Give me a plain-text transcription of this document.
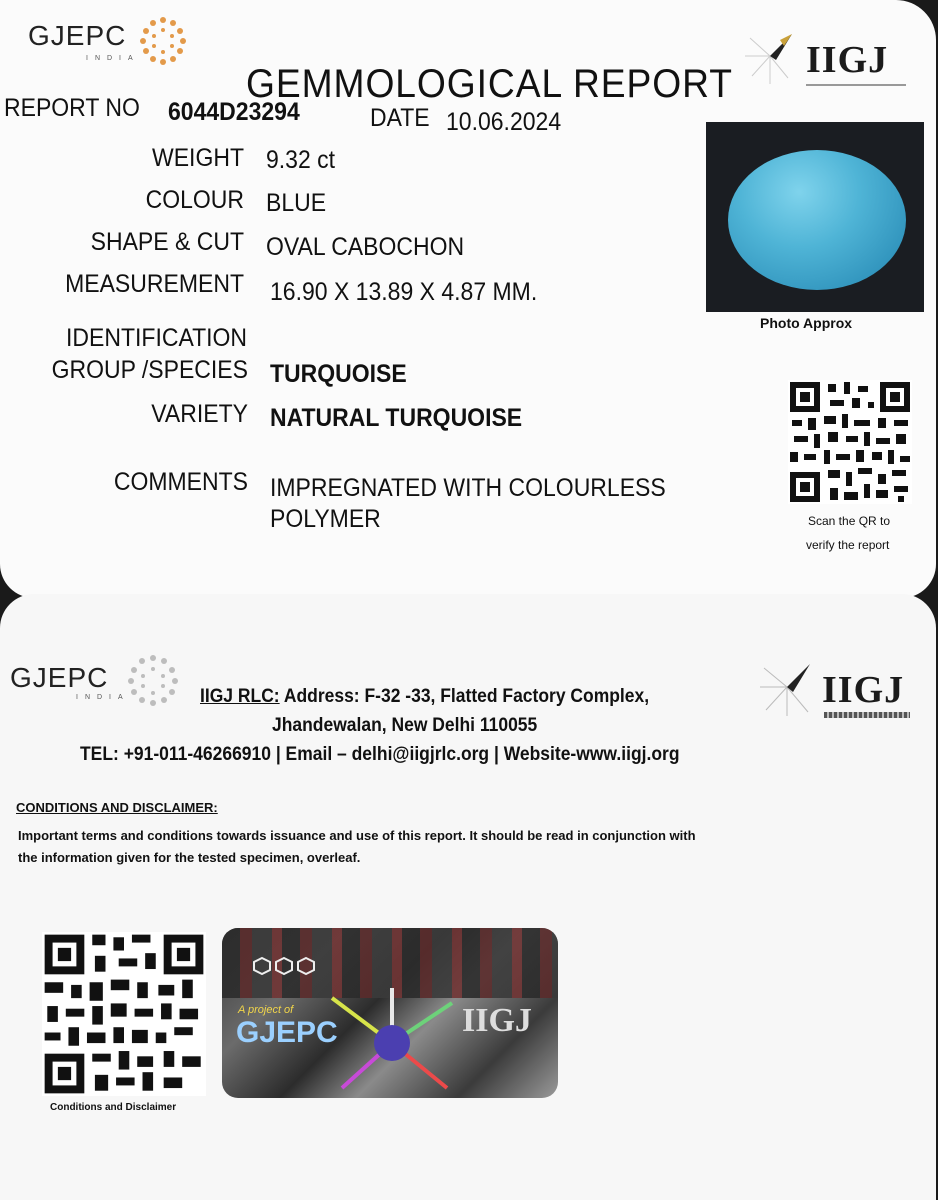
GJEPC
INDIA	IIGJ
GEMMOLOGICAL REPORT
REPORT NO 6044D23294	DATE 10.06.2024
WEIGHT 9.32 ct
COLOUR BLUE
SHAPE & CUT OVAL CABOCHON
MEASUREMENT 16.90 X 13.89 X 4.87 MM.
IDENTIFICATION
GROUP /SPECIES TURQUOISE
VARIETY NATURAL TURQUOISE
COMMENTS IMPREGNATED WITH COLOURLESS
POLYMER
Photo Approx
Scan the QR to
verify the report
GJEPC
INDIA	IIGJ
IIGJ RLC: Address: F-32 -33, Flatted Factory Complex,
Jhandewalan, New Delhi 110055
TEL: +91-011-46266910 | Email – delhi@iigjrlc.org | Website-www.iigj.org
CONDITIONS AND DISCLAIMER:
Important terms and conditions towards issuance and use of this report. It should be read in conjunction with
the information given for the tested specimen, overleaf.
Conditions and Disclaimer
A project of
GJEPC	IIGJ
